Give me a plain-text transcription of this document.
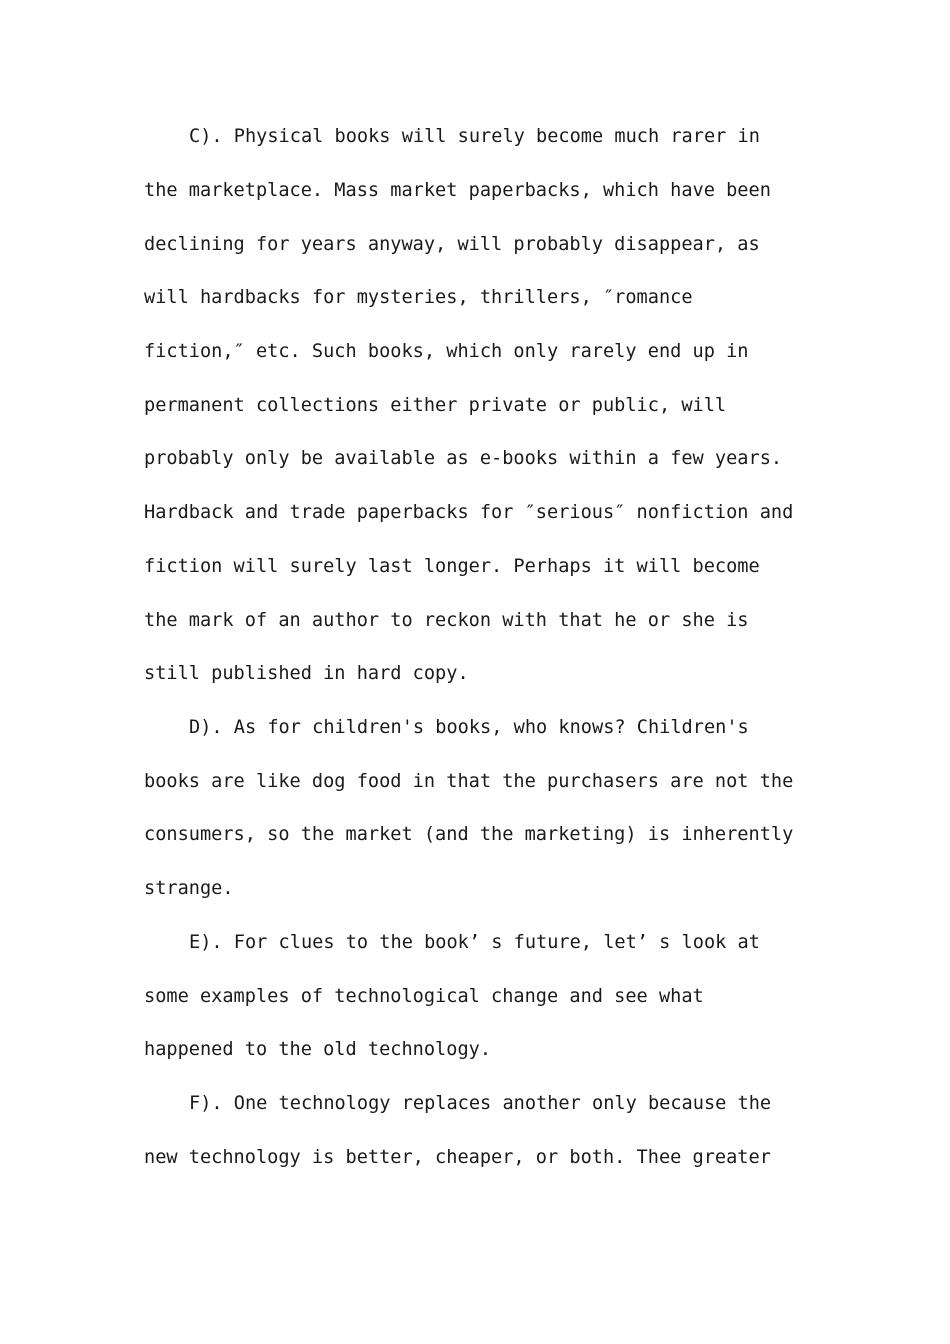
C). Physical books will surely become much rarer in
the marketplace. Mass market paperbacks, which have been
declining for years anyway, will probably disappear, as
will hardbacks for mysteries, thrillers, ″romance
fiction,″ etc. Such books, which only rarely end up in
permanent collections either private or public, will
probably only be available as e-books within a few years.
Hardback and trade paperbacks for ″serious″ nonfiction and
fiction will surely last longer. Perhaps it will become
the mark of an author to reckon with that he or she is
still published in hard copy.
D). As for children's books, who knows? Children's
books are like dog food in that the purchasers are not the
consumers, so the market (and the marketing) is inherently
strange.
E). For clues to the book’ s future, let’ s look at
some examples of technological change and see what
happened to the old technology.
F). One technology replaces another only because the
new technology is better, cheaper, or both. Thee greater
